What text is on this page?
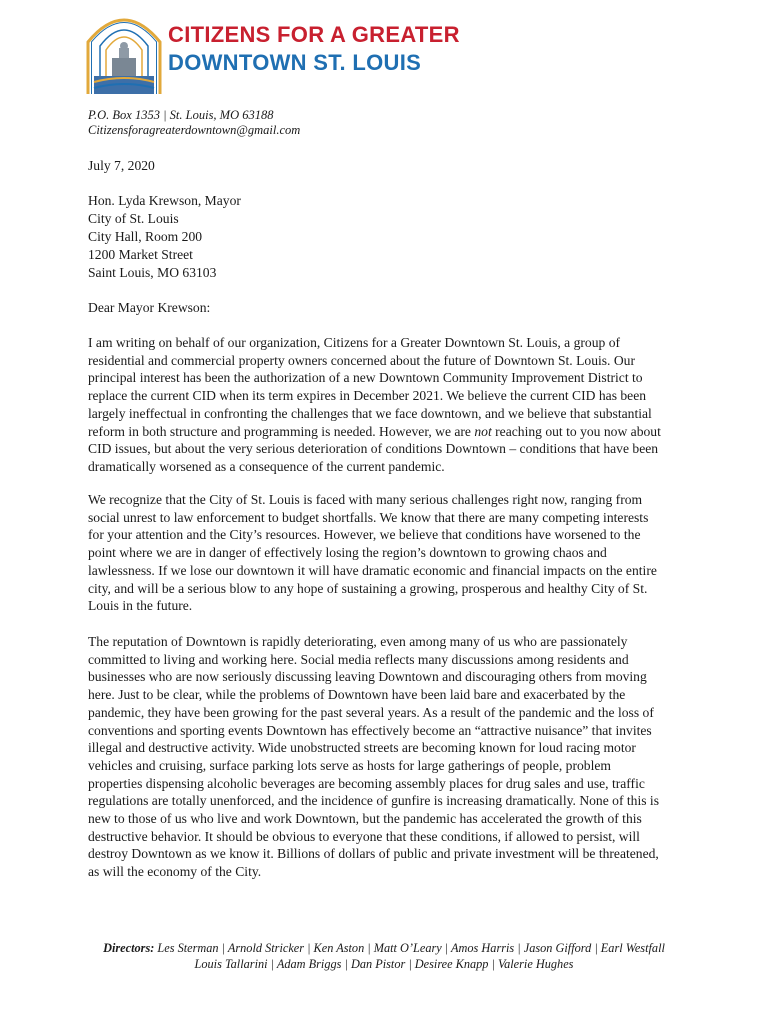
CITIZENS FOR A GREATER
DOWNTOWN ST. LOUIS
P.O. Box 1353 | St. Louis, MO 63188
Citizensforagreaterdowntown@gmail.com
July 7, 2020
Hon. Lyda Krewson, Mayor
City of St. Louis
City Hall, Room 200
1200 Market Street
Saint Louis, MO 63103
Dear Mayor Krewson:
I am writing on behalf of our organization, Citizens for a Greater Downtown St. Louis, a group of
residential and commercial property owners concerned about the future of Downtown St. Louis. Our
principal interest has been the authorization of a new Downtown Community Improvement District to
replace the current CID when its term expires in December 2021. We believe the current CID has been
largely ineffectual in confronting the challenges that we face downtown, and we believe that substantial
reform in both structure and programming is needed. However, we are not reaching out to you now about
CID issues, but about the very serious deterioration of conditions Downtown – conditions that have been
dramatically worsened as a consequence of the current pandemic.
We recognize that the City of St. Louis is faced with many serious challenges right now, ranging from
social unrest to law enforcement to budget shortfalls. We know that there are many competing interests
for your attention and the City’s resources. However, we believe that conditions have worsened to the
point where we are in danger of effectively losing the region’s downtown to growing chaos and
lawlessness. If we lose our downtown it will have dramatic economic and financial impacts on the entire
city, and will be a serious blow to any hope of sustaining a growing, prosperous and healthy City of St.
Louis in the future.
The reputation of Downtown is rapidly deteriorating, even among many of us who are passionately
committed to living and working here. Social media reflects many discussions among residents and
businesses who are now seriously discussing leaving Downtown and discouraging others from moving
here. Just to be clear, while the problems of Downtown have been laid bare and exacerbated by the
pandemic, they have been growing for the past several years. As a result of the pandemic and the loss of
conventions and sporting events Downtown has effectively become an “attractive nuisance” that invites
illegal and destructive activity. Wide unobstructed streets are becoming known for loud racing motor
vehicles and cruising, surface parking lots serve as hosts for large gatherings of people, problem
properties dispensing alcoholic beverages are becoming assembly places for drug sales and use, traffic
regulations are totally unenforced, and the incidence of gunfire is increasing dramatically. None of this is
new to those of us who live and work Downtown, but the pandemic has accelerated the growth of this
destructive behavior. It should be obvious to everyone that these conditions, if allowed to persist, will
destroy Downtown as we know it. Billions of dollars of public and private investment will be threatened,
as will the economy of the City.
Directors: Les Sterman | Arnold Stricker | Ken Aston | Matt O’Leary | Amos Harris | Jason Gifford | Earl Westfall
Louis Tallarini | Adam Briggs | Dan Pistor | Desiree Knapp | Valerie Hughes
